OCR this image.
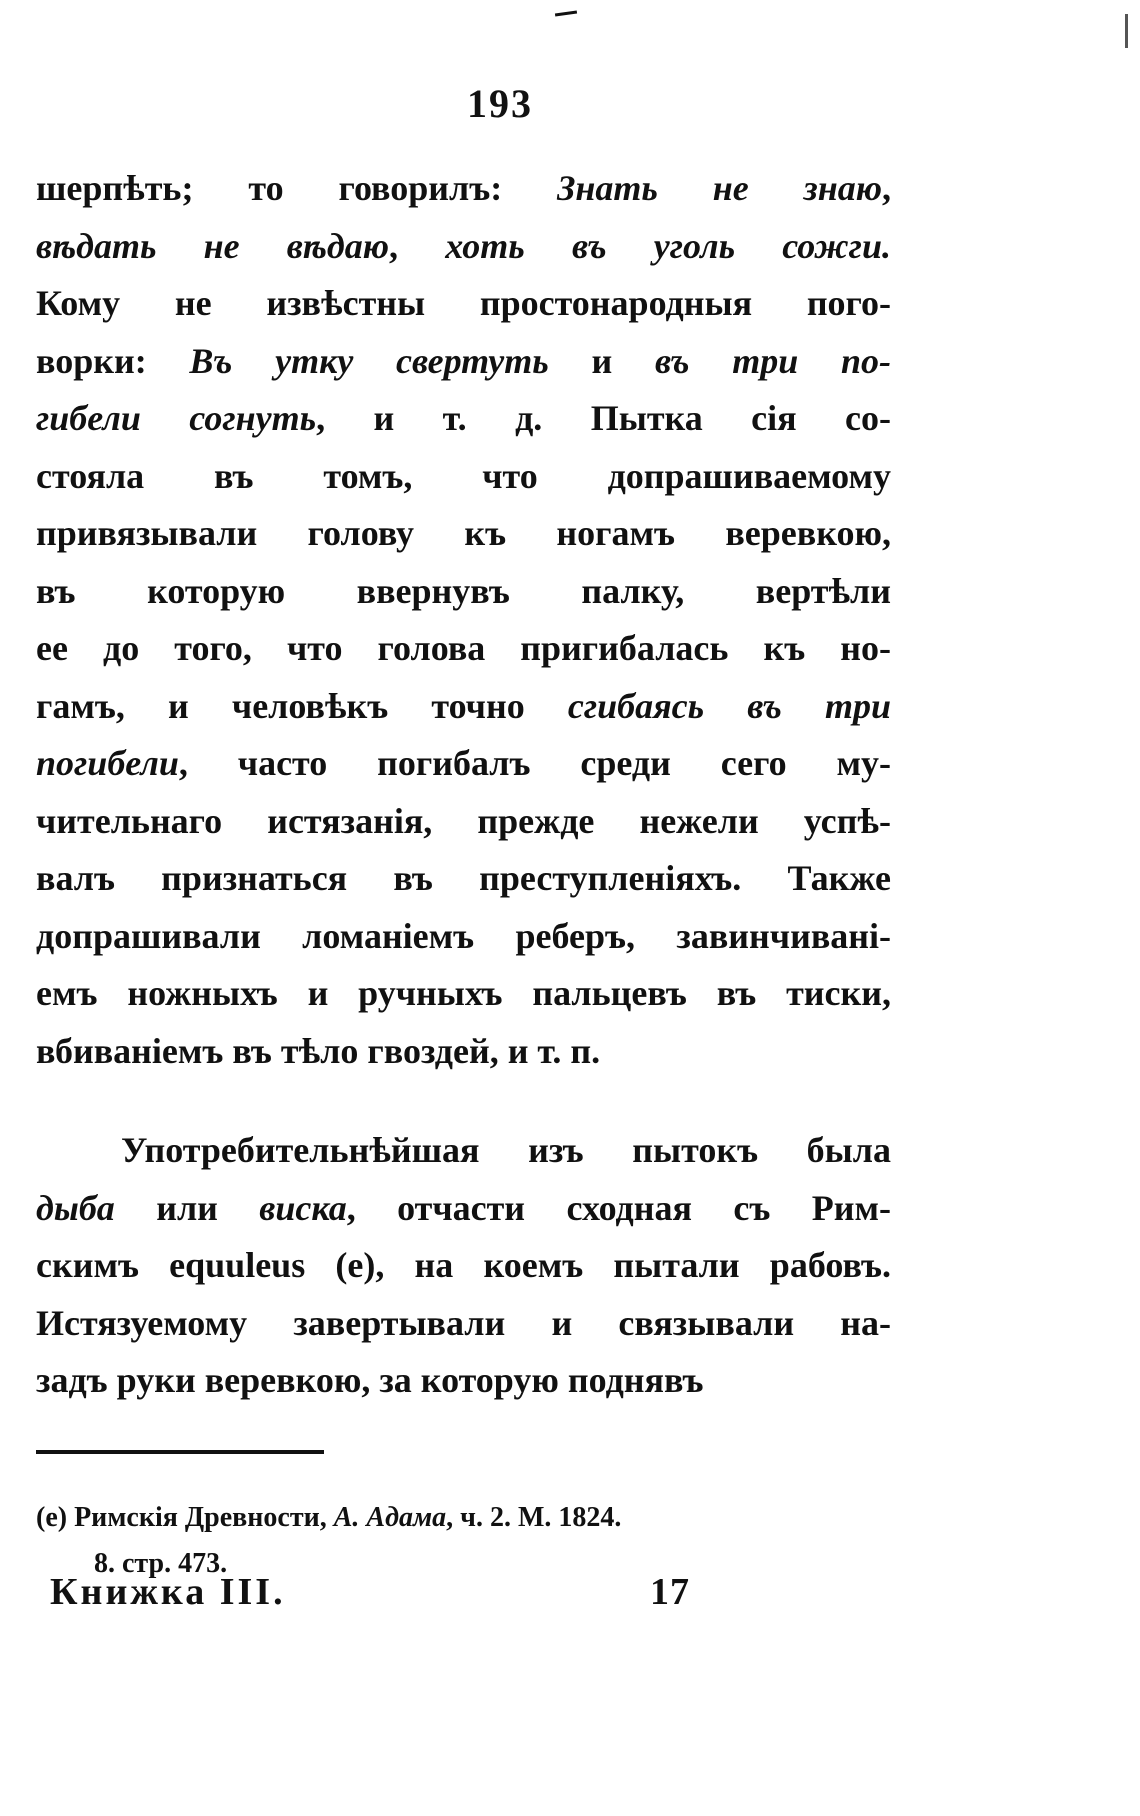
193
шерпѣть; то говорилъ: Знать не знаю,
вѣдать не вѣдаю, хоть въ уголь сожги.
Кому не извѣстны простонародныя пого-
ворки: Въ утку свертуть и въ три по-
гибели согнуть, и т. д. Пытка сія со-
стояла въ томъ, что допрашиваемому
привязывали голову къ ногамъ веревкою,
въ которую ввернувъ палку, вертѣли
ее до того, что голова пригибалась къ но-
гамъ, и человѣкъ точно сгибаясь въ три
погибели, часто погибалъ среди сего му-
чительнаго истязанія, прежде нежели успѣ-
валъ признаться въ преступленіяхъ. Также
допрашивали ломаніемъ реберъ, завинчивані-
емъ ножныхъ и ручныхъ пальцевъ въ тиски,
вбиваніемъ въ тѣло гвоздей, и т. п.
Употребительнѣйшая изъ пытокъ была
дыба или виска, отчасти сходная съ Рим-
скимъ equuleus (e), на коемъ пытали рабовъ.
Истязуемому завертывали и связывали на-
задъ руки веревкою, за которую поднявъ
(e) Римскія Древности, А. Адама, ч. 2. М. 1824.
8. стр. 473.
Книжка III.	17
